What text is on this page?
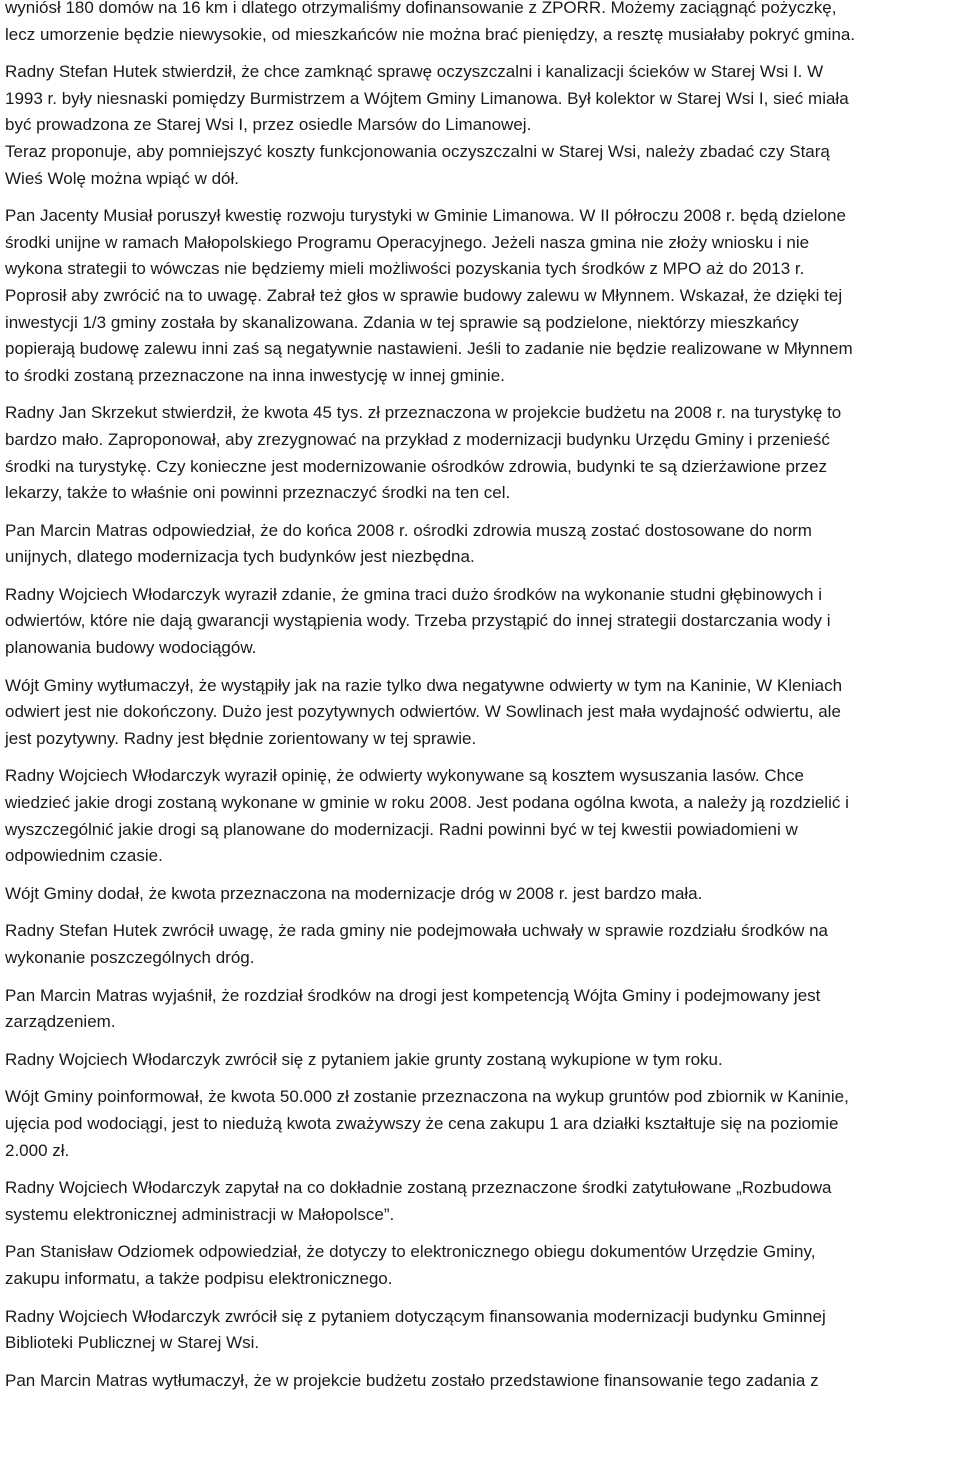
wyniósł 180 domów na 16 km i dlatego otrzymaliśmy dofinansowanie z ZPORR. Możemy zaciągnąć pożyczkę,
lecz umorzenie będzie niewysokie, od mieszkańców nie można brać pieniędzy, a resztę musiałaby pokryć gmina.

Radny Stefan Hutek stwierdził, że chce zamknąć sprawę oczyszczalni i kanalizacji ścieków w Starej Wsi I. W
1993 r. były niesnaski pomiędzy Burmistrzem a Wójtem Gminy Limanowa. Był kolektor w Starej Wsi I, sieć miała
być prowadzona ze Starej Wsi I, przez osiedle Marsów do Limanowej.

Teraz proponuje, aby pomniejszyć koszty funkcjonowania oczyszczalni w Starej Wsi, należy zbadać czy Starą
Wieś Wolę można wpiąć w dół.

Pan Jacenty Musiał poruszył kwestię rozwoju turystyki w Gminie Limanowa. W II półroczu 2008 r. będą dzielone
środki unijne w ramach Małopolskiego Programu Operacyjnego. Jeżeli nasza gmina nie złoży wniosku i nie
wykona strategii to wówczas nie będziemy mieli możliwości pozyskania tych środków z MPO aż do 2013 r.
Poprosił aby zwrócić na to uwagę. Zabrał też głos w sprawie budowy zalewu w Młynnem. Wskazał, że dzięki tej
inwestycji 1/3 gminy została by skanalizowana. Zdania w tej sprawie są podzielone, niektórzy mieszkańcy
popierają budowę zalewu inni zaś są negatywnie nastawieni. Jeśli to zadanie nie będzie realizowane w Młynnem
to środki zostaną przeznaczone na inna inwestycję w innej gminie.

Radny Jan Skrzekut stwierdził, że kwota 45 tys. zł przeznaczona w projekcie budżetu na 2008 r. na turystykę to
bardzo mało. Zaproponował, aby zrezygnować na przykład z modernizacji budynku Urzędu Gminy i przenieść
środki na turystykę. Czy konieczne jest modernizowanie ośrodków zdrowia, budynki te są dzierżawione przez
lekarzy, także to właśnie oni powinni przeznaczyć środki na ten cel.

Pan Marcin Matras odpowiedział, że do końca 2008 r. ośrodki zdrowia muszą zostać dostosowane do norm
unijnych, dlatego modernizacja tych budynków jest niezbędna.

Radny Wojciech Włodarczyk wyraził zdanie, że gmina traci dużo środków na wykonanie studni głębinowych i
odwiertów, które nie dają gwarancji wystąpienia wody. Trzeba przystąpić do innej strategii dostarczania wody i
planowania budowy wodociągów.

Wójt Gminy wytłumaczył, że wystąpiły jak na razie tylko dwa negatywne odwierty w tym na Kaninie, W Kleniach
odwiert jest nie dokończony. Dużo jest pozytywnych odwiertów. W Sowlinach jest mała wydajność odwiertu, ale
jest pozytywny. Radny jest błędnie zorientowany w tej sprawie.

Radny Wojciech Włodarczyk wyraził opinię, że odwierty wykonywane są kosztem wysuszania lasów. Chce
wiedzieć jakie drogi zostaną wykonane w gminie w roku 2008. Jest podana ogólna kwota, a należy ją rozdzielić i
wyszczególnić jakie drogi są planowane do modernizacji. Radni powinni być w tej kwestii powiadomieni w
odpowiednim czasie.

Wójt Gminy dodał, że kwota przeznaczona na modernizacje dróg w 2008 r. jest bardzo mała.

Radny Stefan Hutek zwrócił uwagę, że rada gminy nie podejmowała uchwały w sprawie rozdziału środków na
wykonanie poszczególnych dróg.

Pan Marcin Matras wyjaśnił, że rozdział środków na drogi jest kompetencją Wójta Gminy i podejmowany jest
zarządzeniem.

Radny Wojciech Włodarczyk zwrócił się z pytaniem jakie grunty zostaną wykupione w tym roku.

Wójt Gminy poinformował, że kwota 50.000 zł zostanie przeznaczona na wykup gruntów pod zbiornik w Kaninie,
ujęcia pod wodociągi, jest to niedużą kwota zważywszy że cena zakupu 1 ara działki kształtuje się na poziomie
2.000 zł.

Radny Wojciech Włodarczyk zapytał na co dokładnie zostaną przeznaczone środki zatytułowane „Rozbudowa
systemu elektronicznej administracji w Małopolsce”.

Pan Stanisław Odziomek odpowiedział, że dotyczy to elektronicznego obiegu dokumentów Urzędzie Gminy,
zakupu informatu, a także podpisu elektronicznego.

Radny Wojciech Włodarczyk zwrócił się z pytaniem dotyczącym finansowania modernizacji budynku Gminnej
Biblioteki Publicznej w Starej Wsi.

Pan Marcin Matras wytłumaczył, że w projekcie budżetu zostało przedstawione finansowanie tego zadania z
